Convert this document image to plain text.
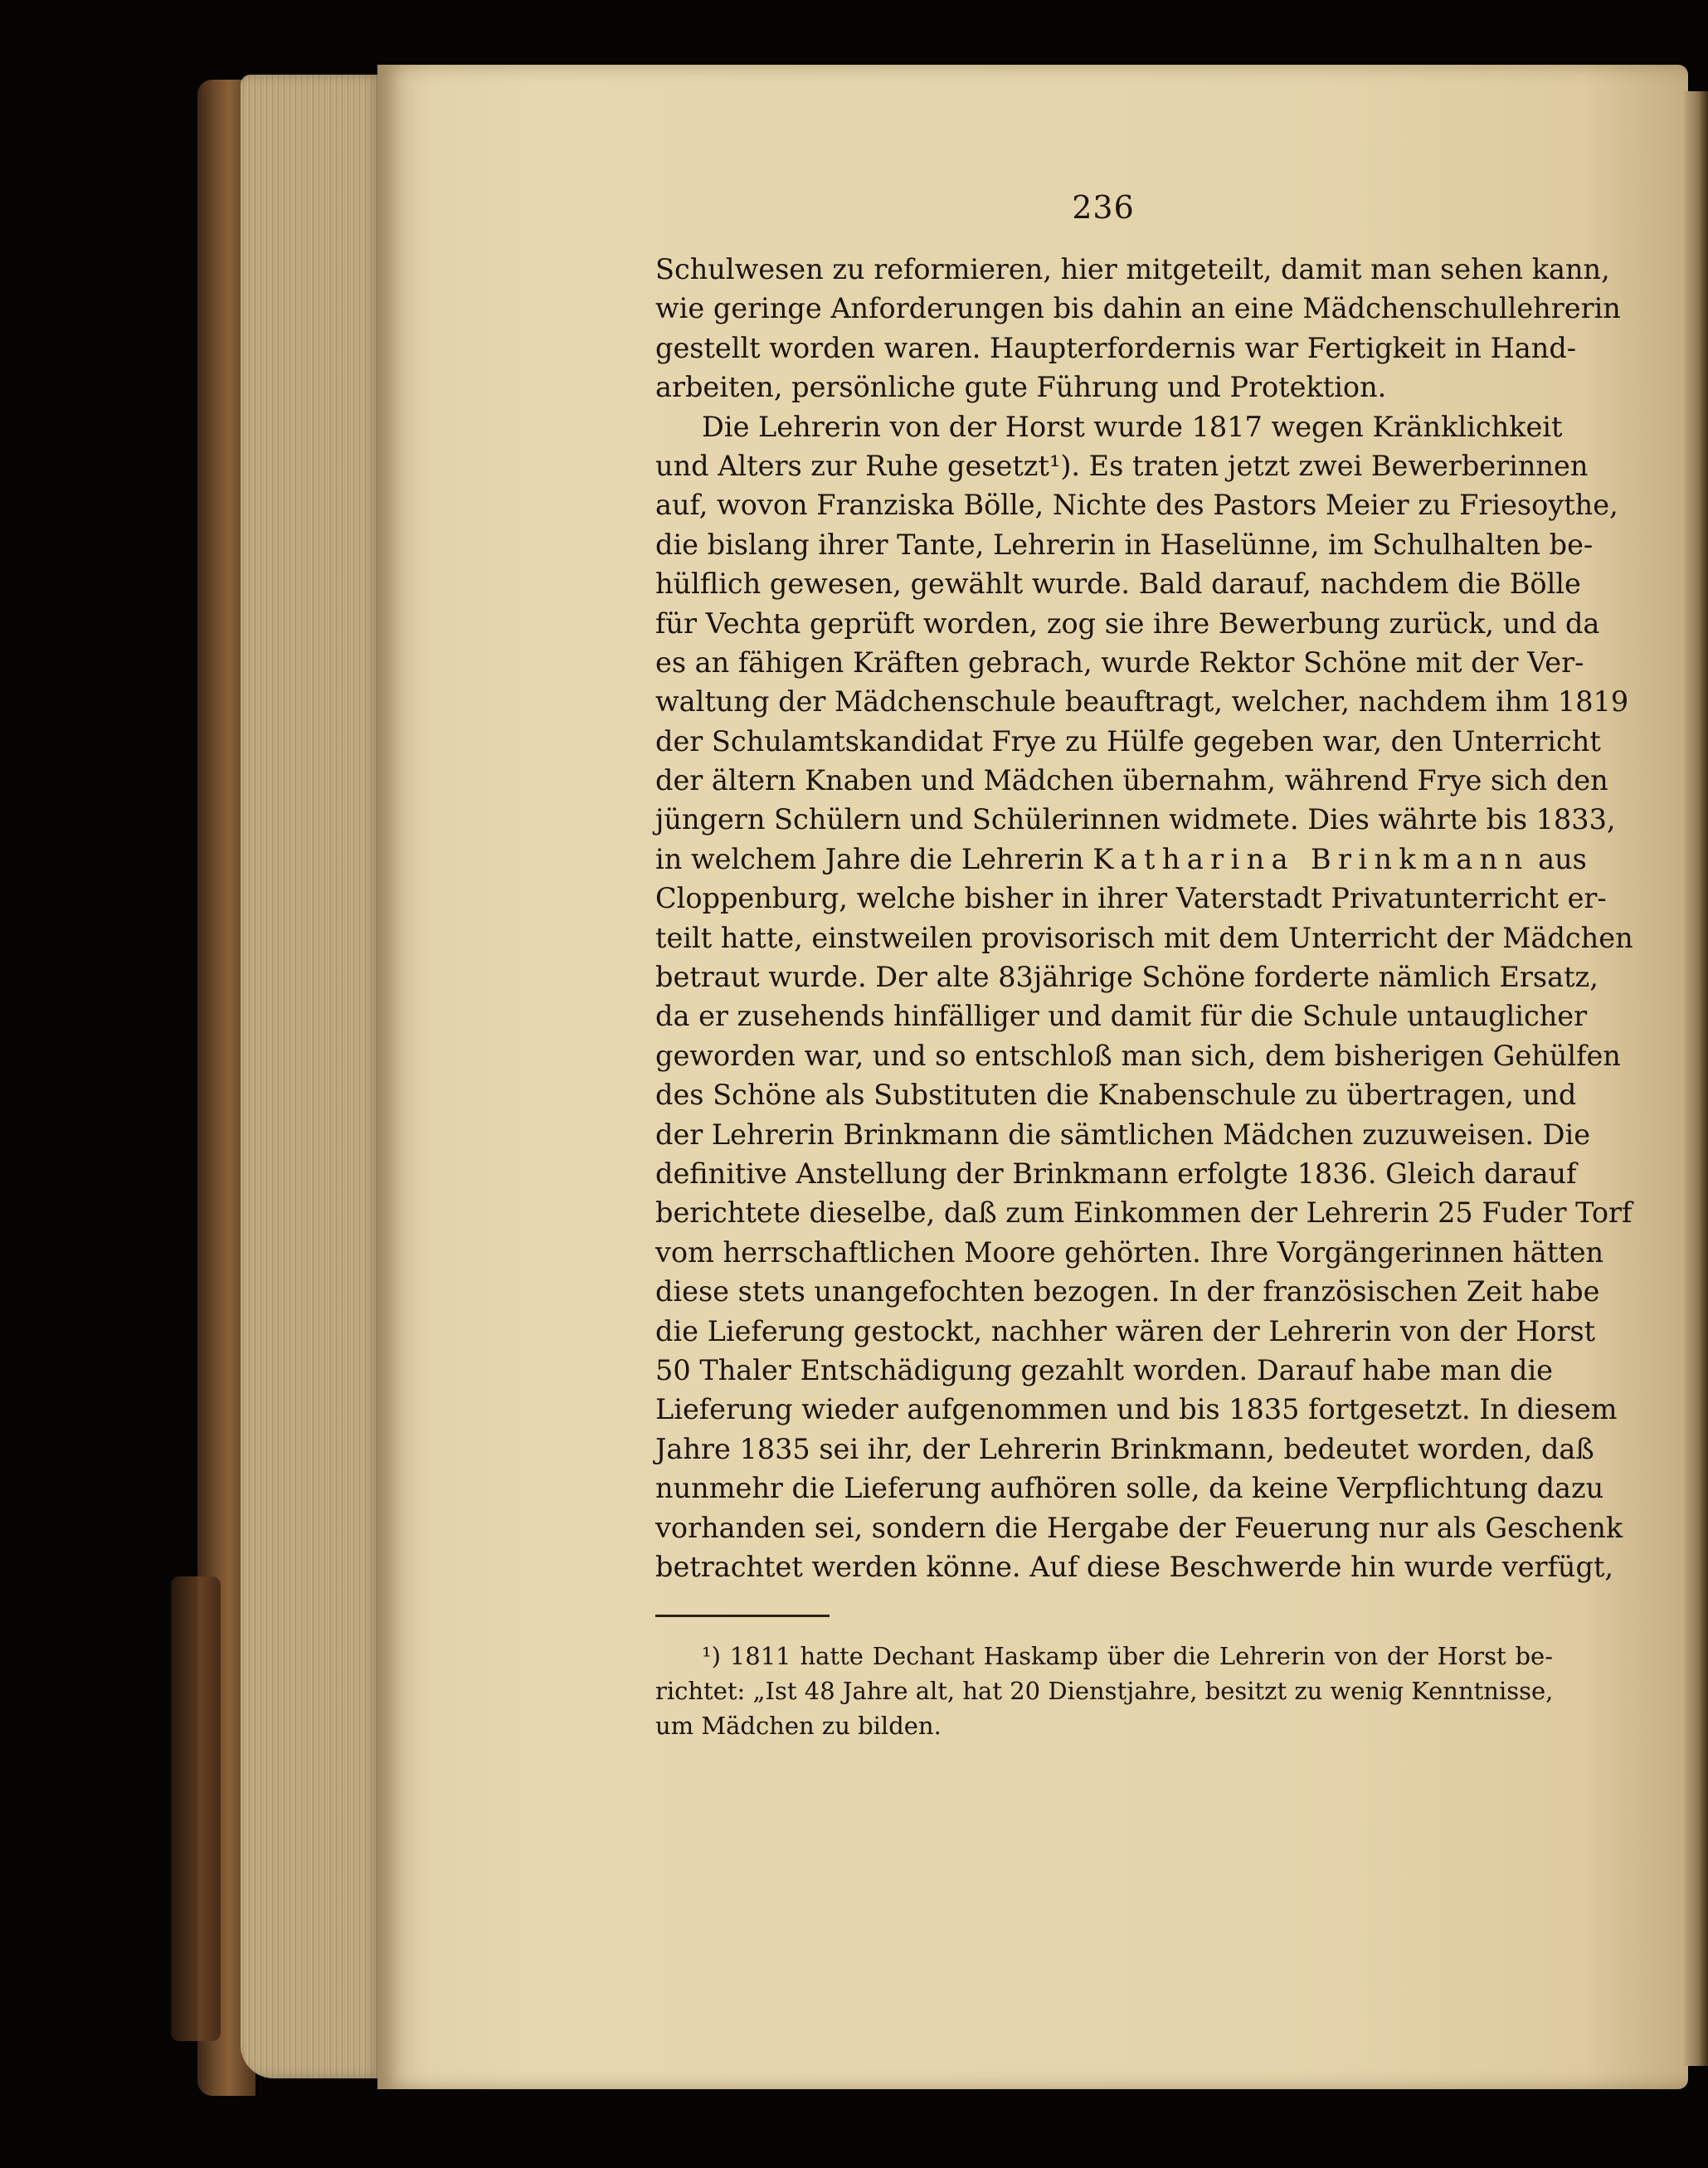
236
Schulwesen zu reformieren, hier mitgeteilt, damit man sehen kann,
wie geringe Anforderungen bis dahin an eine Mädchenschullehrerin
gestellt worden waren. Haupterfordernis war Fertigkeit in Hand-
arbeiten, persönliche gute Führung und Protektion.
Die Lehrerin von der Horst wurde 1817 wegen Kränklichkeit
und Alters zur Ruhe gesetzt¹). Es traten jetzt zwei Bewerberinnen
auf, wovon Franziska Bölle, Nichte des Pastors Meier zu Friesoythe,
die bislang ihrer Tante, Lehrerin in Haselünne, im Schulhalten be-
hülflich gewesen, gewählt wurde. Bald darauf, nachdem die Bölle
für Vechta geprüft worden, zog sie ihre Bewerbung zurück, und da
es an fähigen Kräften gebrach, wurde Rektor Schöne mit der Ver-
waltung der Mädchenschule beauftragt, welcher, nachdem ihm 1819
der Schulamtskandidat Frye zu Hülfe gegeben war, den Unterricht
der ältern Knaben und Mädchen übernahm, während Frye sich den
jüngern Schülern und Schülerinnen widmete. Dies währte bis 1833,
in welchem Jahre die Lehrerin Katharina Brinkmann aus
Cloppenburg, welche bisher in ihrer Vaterstadt Privatunterricht er-
teilt hatte, einstweilen provisorisch mit dem Unterricht der Mädchen
betraut wurde. Der alte 83jährige Schöne forderte nämlich Ersatz,
da er zusehends hinfälliger und damit für die Schule untauglicher
geworden war, und so entschloß man sich, dem bisherigen Gehülfen
des Schöne als Substituten die Knabenschule zu übertragen, und
der Lehrerin Brinkmann die sämtlichen Mädchen zuzuweisen. Die
definitive Anstellung der Brinkmann erfolgte 1836. Gleich darauf
berichtete dieselbe, daß zum Einkommen der Lehrerin 25 Fuder Torf
vom herrschaftlichen Moore gehörten. Ihre Vorgängerinnen hätten
diese stets unangefochten bezogen. In der französischen Zeit habe
die Lieferung gestockt, nachher wären der Lehrerin von der Horst
50 Thaler Entschädigung gezahlt worden. Darauf habe man die
Lieferung wieder aufgenommen und bis 1835 fortgesetzt. In diesem
Jahre 1835 sei ihr, der Lehrerin Brinkmann, bedeutet worden, daß
nunmehr die Lieferung aufhören solle, da keine Verpflichtung dazu
vorhanden sei, sondern die Hergabe der Feuerung nur als Geschenk
betrachtet werden könne. Auf diese Beschwerde hin wurde verfügt,
¹) 1811 hatte Dechant Haskamp über die Lehrerin von der Horst be-
richtet: „Ist 48 Jahre alt, hat 20 Dienstjahre, besitzt zu wenig Kenntnisse,
um Mädchen zu bilden.
